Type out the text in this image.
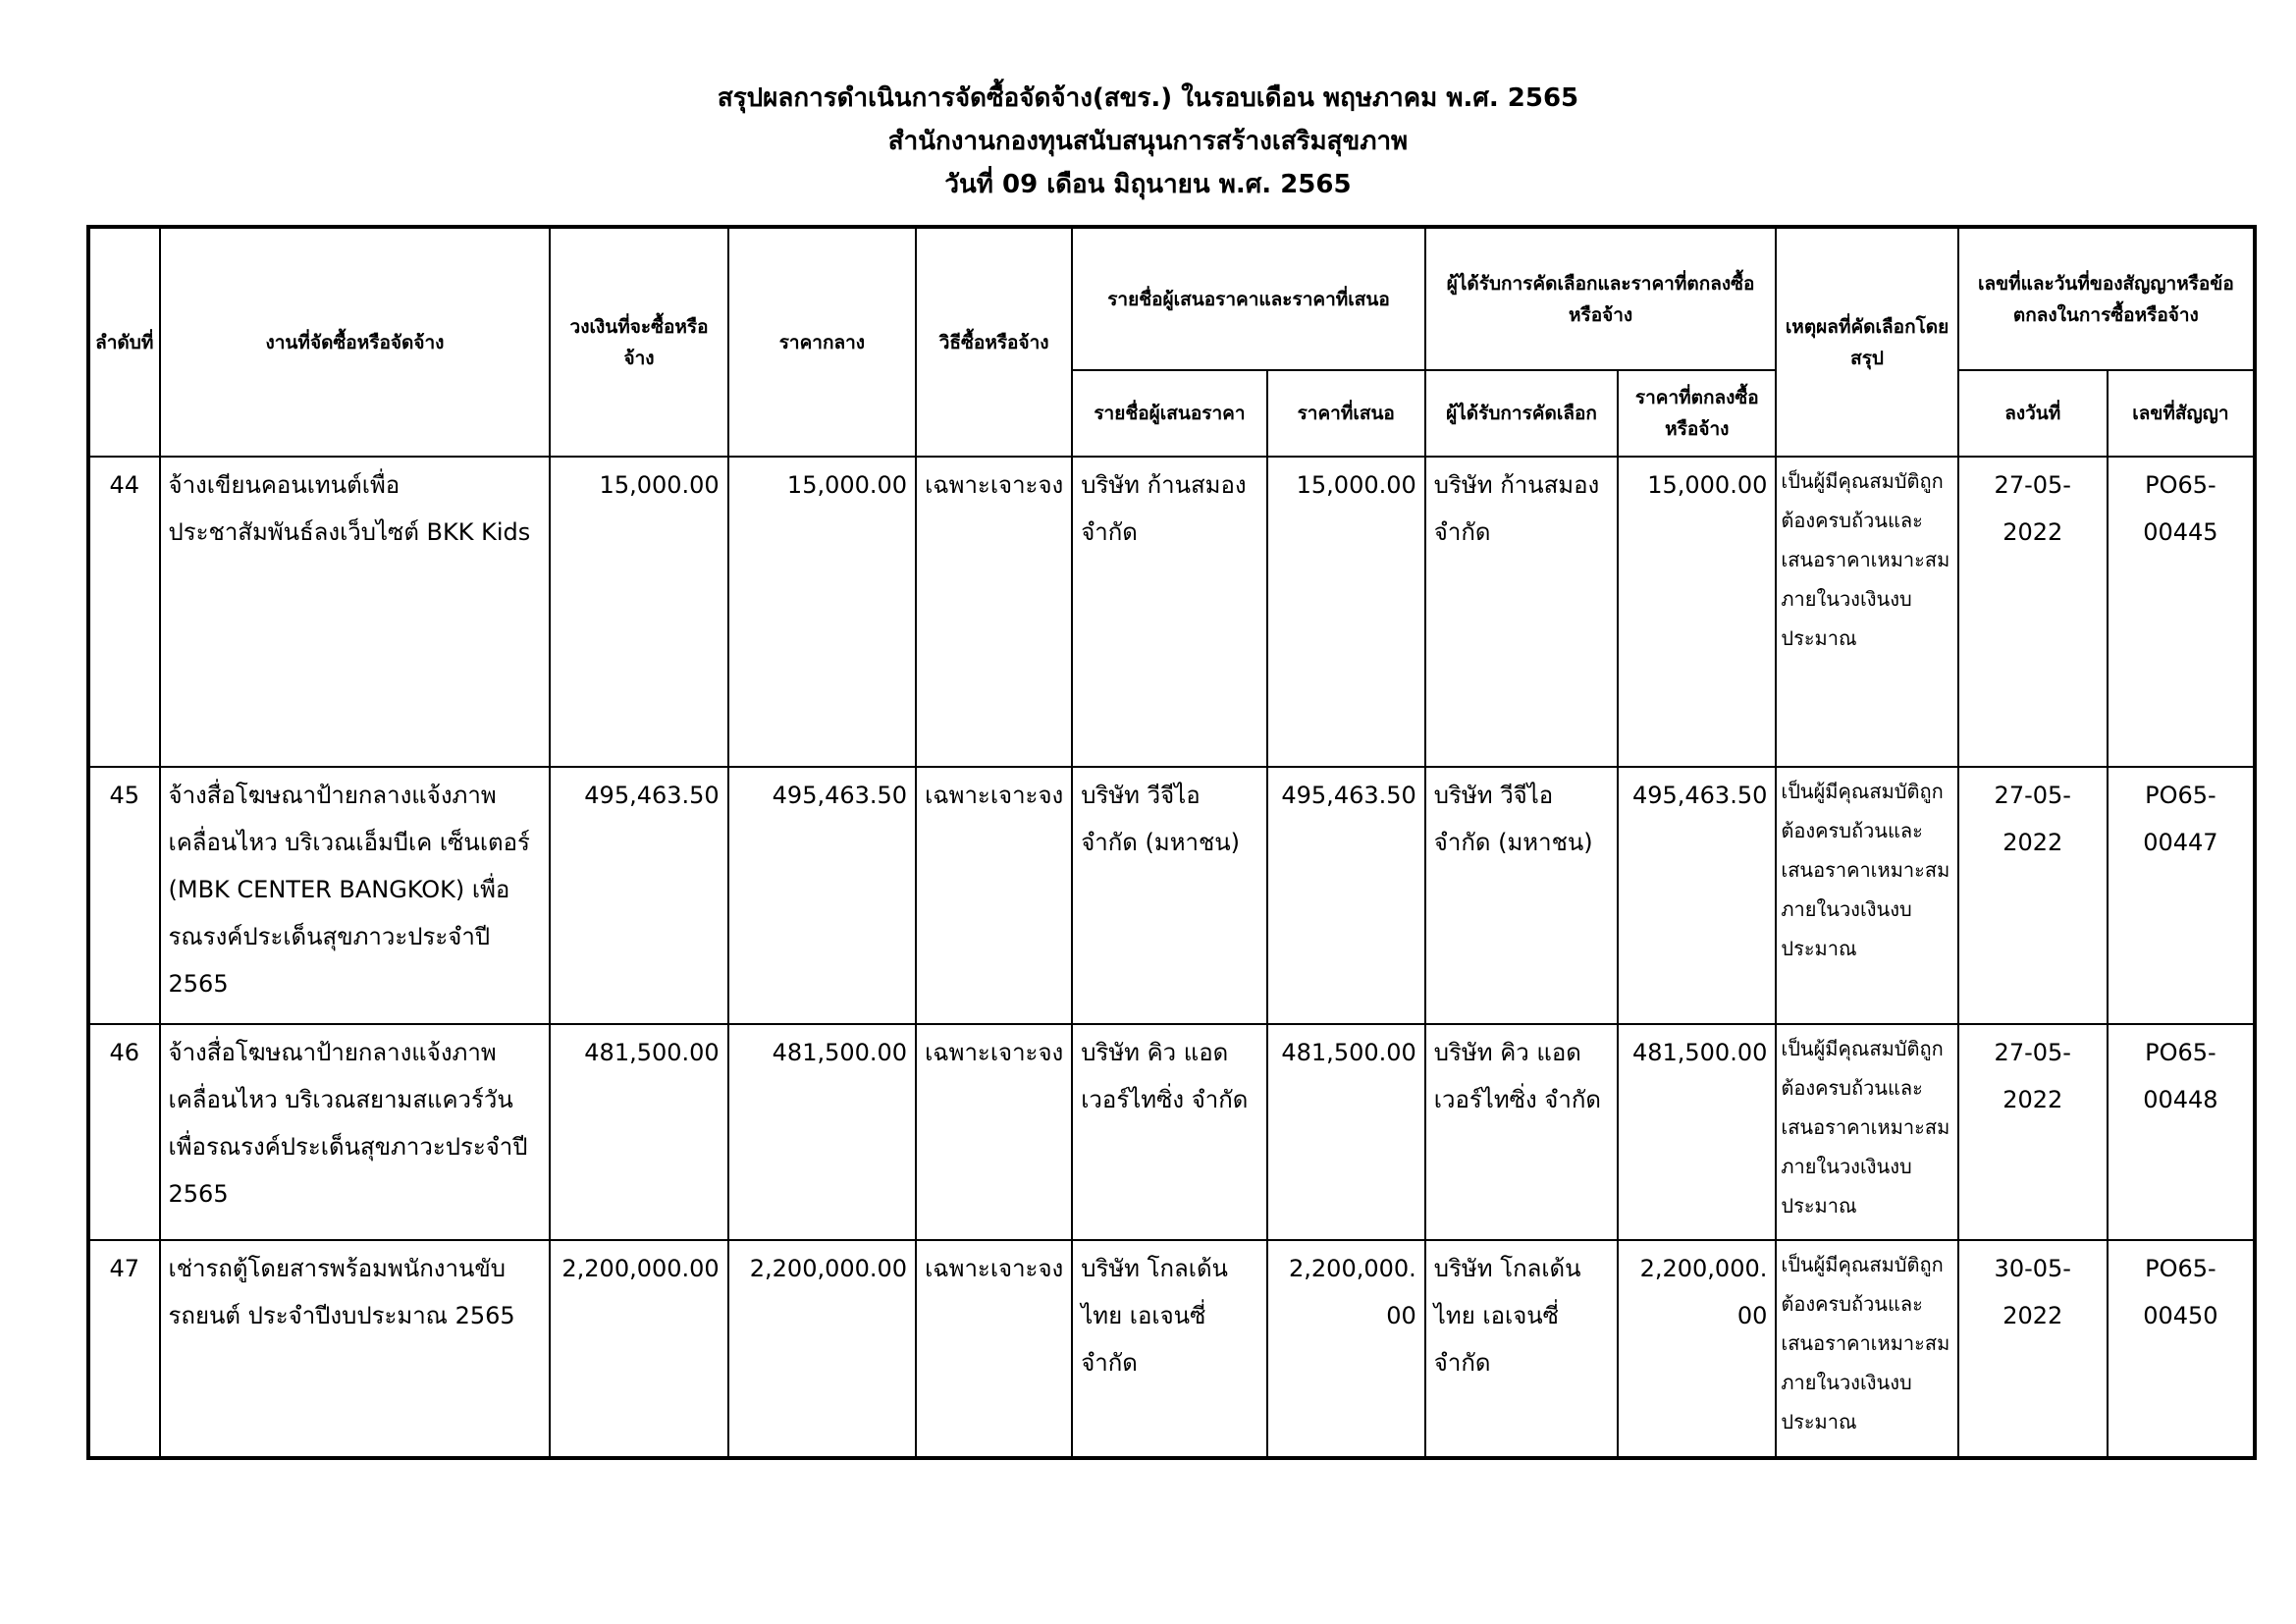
สรุปผลการดำเนินการจัดซื้อจัดจ้าง(สขร.) ในรอบเดือน พฤษภาคม พ.ศ. 2565
สำนักงานกองทุนสนับสนุนการสร้างเสริมสุขภาพ
วันที่ 09 เดือน มิถุนายน พ.ศ. 2565
ลำดับที่	งานที่จัดซื้อหรือจัดจ้าง	วงเงินที่จะซื้อหรือจ้าง	ราคากลาง	วิธีซื้อหรือจ้าง	รายชื่อผู้เสนอราคาและราคาที่เสนอ		ผู้ได้รับการคัดเลือกและราคาที่ตกลงซื้อหรือจ้าง		เหตุผลที่คัดเลือกโดยสรุป	เลขที่และวันที่ของสัญญาหรือข้อตกลงในการซื้อหรือจ้าง	
					รายชื่อผู้เสนอราคา	ราคาที่เสนอ	ผู้ได้รับการคัดเลือก	ราคาที่ตกลงซื้อหรือจ้าง		ลงวันที่	เลขที่สัญญา
44	จ้างเขียนคอนเทนต์เพื่อประชาสัมพันธ์ลงเว็บไซต์ BKK Kids	15,000.00	15,000.00	เฉพาะเจาะจง	บริษัท ก้านสมอง จำกัด	15,000.00	บริษัท ก้านสมอง จำกัด	15,000.00	เป็นผู้มีคุณสมบัติถูกต้องครบถ้วนและเสนอราคาเหมาะสมภายในวงเงินงบประมาณ	27-05-2022	PO65-00445
45	จ้างสื่อโฆษณาป้ายกลางแจ้งภาพเคลื่อนไหว บริเวณเอ็มบีเค เซ็นเตอร์ (MBK CENTER BANGKOK) เพื่อรณรงค์ประเด็นสุขภาวะประจำปี 2565	495,463.50	495,463.50	เฉพาะเจาะจง	บริษัท วีจีไอ จำกัด (มหาชน)	495,463.50	บริษัท วีจีไอ จำกัด (มหาชน)	495,463.50	เป็นผู้มีคุณสมบัติถูกต้องครบถ้วนและเสนอราคาเหมาะสมภายในวงเงินงบประมาณ	27-05-2022	PO65-00447
46	จ้างสื่อโฆษณาป้ายกลางแจ้งภาพเคลื่อนไหว บริเวณสยามสแควร์วัน เพื่อรณรงค์ประเด็นสุขภาวะประจำปี 2565	481,500.00	481,500.00	เฉพาะเจาะจง	บริษัท คิว แอดเวอร์ไทซิ่ง จำกัด	481,500.00	บริษัท คิว แอดเวอร์ไทซิ่ง จำกัด	481,500.00	เป็นผู้มีคุณสมบัติถูกต้องครบถ้วนและเสนอราคาเหมาะสมภายในวงเงินงบประมาณ	27-05-2022	PO65-00448
47	เช่ารถตู้โดยสารพร้อมพนักงานขับรถยนต์ ประจำปีงบประมาณ 2565	2,200,000.00	2,200,000.00	เฉพาะเจาะจง	บริษัท โกลเด้น ไทย เอเจนซี่ จำกัด	2,200,000.00	บริษัท โกลเด้น ไทย เอเจนซี่ จำกัด	2,200,000.00	เป็นผู้มีคุณสมบัติถูกต้องครบถ้วนและเสนอราคาเหมาะสมภายในวงเงินงบประมาณ	30-05-2022	PO65-00450
